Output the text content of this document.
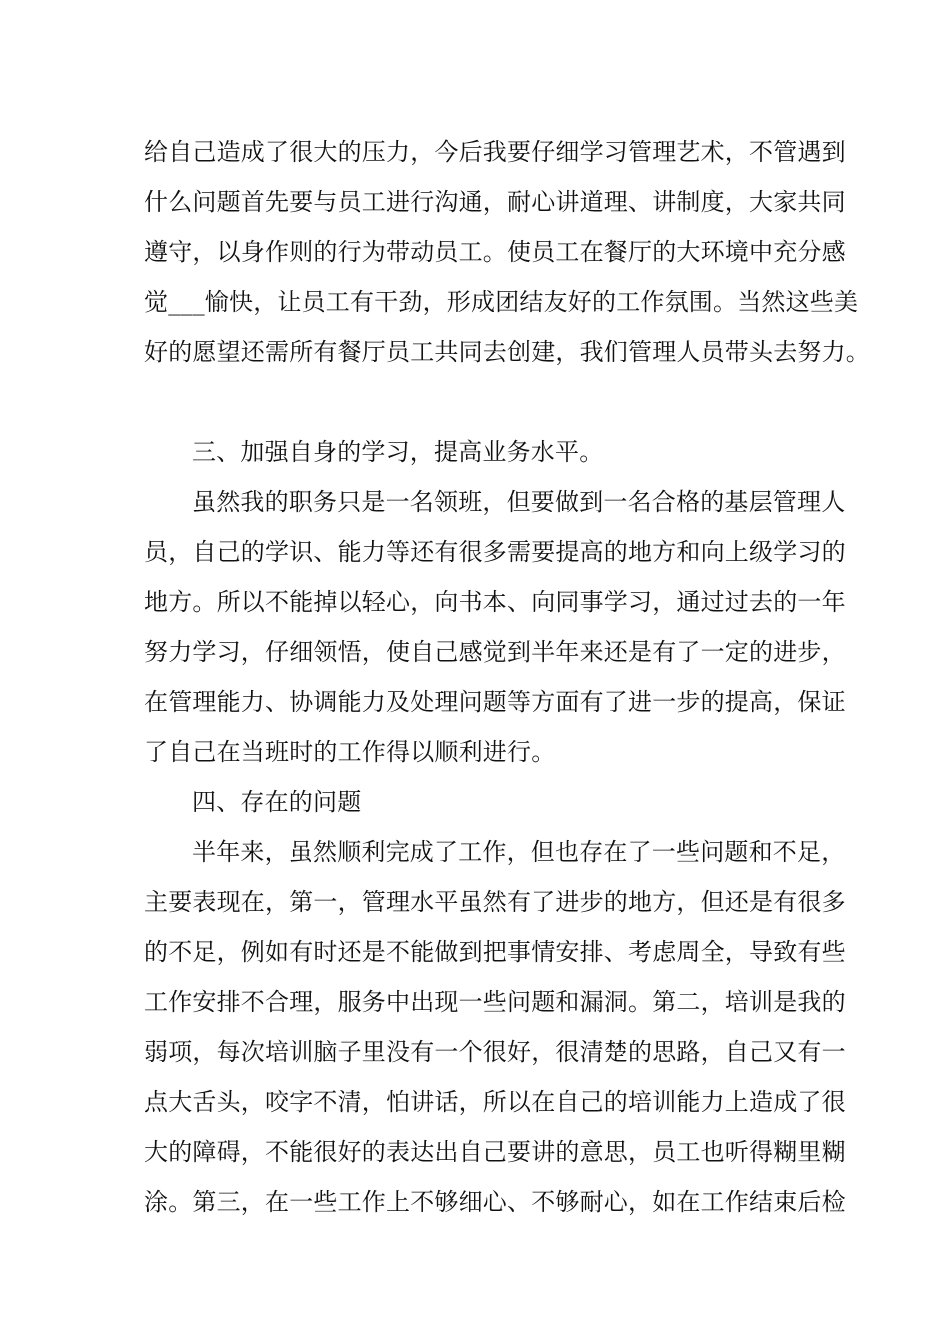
给自己造成了很大的压力，今后我要仔细学习管理艺术，不管遇到
什么问题首先要与员工进行沟通，耐心讲道理、讲制度，大家共同
遵守，以身作则的行为带动员工。使员工在餐厅的大环境中充分感
觉___愉快，让员工有干劲，形成团结友好的工作氛围。当然这些美
好的愿望还需所有餐厅员工共同去创建，我们管理人员带头去努力。
三、加强自身的学习，提高业务水平。
虽然我的职务只是一名领班，但要做到一名合格的基层管理人
员，自己的学识、能力等还有很多需要提高的地方和向上级学习的
地方。所以不能掉以轻心，向书本、向同事学习，通过过去的一年
努力学习，仔细领悟，使自己感觉到半年来还是有了一定的进步，
在管理能力、协调能力及处理问题等方面有了进一步的提高，保证
了自己在当班时的工作得以顺利进行。
四、存在的问题
半年来，虽然顺利完成了工作，但也存在了一些问题和不足，
主要表现在，第一，管理水平虽然有了进步的地方，但还是有很多
的不足，例如有时还是不能做到把事情安排、考虑周全，导致有些
工作安排不合理，服务中出现一些问题和漏洞。第二，培训是我的
弱项，每次培训脑子里没有一个很好，很清楚的思路，自己又有一
点大舌头，咬字不清，怕讲话，所以在自己的培训能力上造成了很
大的障碍，不能很好的表达出自己要讲的意思，员工也听得糊里糊
涂。第三，在一些工作上不够细心、不够耐心，如在工作结束后检
